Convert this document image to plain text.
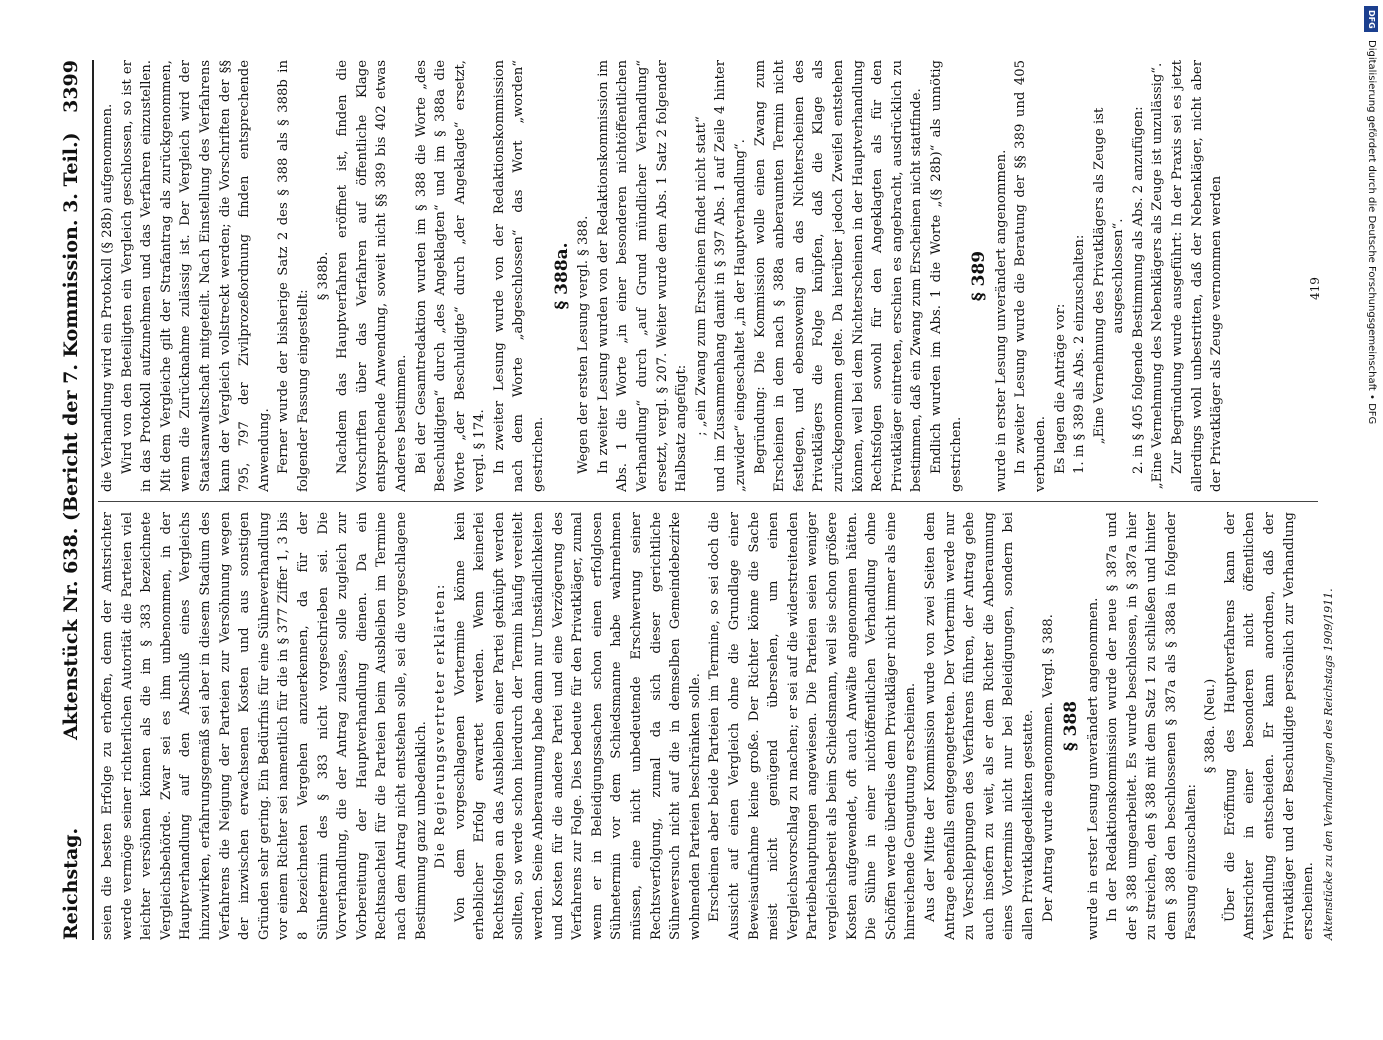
Reichstag.
Aktenstück Nr. 638. (Bericht der 7. Kommission. 3. Teil.)
3399

seien die besten Erfolge zu erhoffen, denn der Amtsrichter werde vermöge seiner richterlichen Autorität die Parteien viel leichter versöhnen können als die im § 383 bezeichnete Vergleichsbehörde. Zwar sei es ihm unbenommen, in der Hauptverhandlung auf den Abschluß eines Vergleichs hinzuwirken, erfahrungsgemäß sei aber in diesem Stadium des Verfahrens die Neigung der Parteien zur Versöhnung wegen der inzwischen erwachsenen Kosten und aus sonstigen Gründen sehr gering. Ein Bedürfnis für eine Sühneverhandlung vor einem Richter sei namentlich für die in § 377 Ziffer 1, 3 bis 8 bezeichneten Vergehen anzuerkennen, da für der Sühnetermin des § 383 nicht vorgeschrieben sei. Die Vorverhandlung, die der Antrag zulasse, solle zugleich zur Vorbereitung der Hauptverhandlung dienen. Da ein Rechtsnachteil für die Parteien beim Ausbleiben im Termine nach dem Antrag nicht entstehen solle, sei die vorgeschlagene Bestimmung ganz unbedenklich. Die Regierungsvertreter erklärten: Von dem vorgeschlagenen Vortermine könne kein erheblicher Erfolg erwartet werden. Wenn keinerlei Rechtsfolgen an das Ausbleiben einer Partei geknüpft werden sollten, so werde schon hierdurch der Termin häufig vereitelt werden. Seine Anberaumung habe dann nur Umständlichkeiten und Kosten für die andere Partei und eine Verzögerung des Verfahrens zur Folge. Dies bedeute für den Privatkläger, zumal wenn er in Beleidigungssachen schon einen erfolglosen Sühnetermin vor dem Schiedsmanne habe wahrnehmen müssen, eine nicht unbedeutende Erschwerung seiner Rechtsverfolgung, zumal da sich dieser gerichtliche Sühneversuch nicht auf die in demselben Gemeindebezirke wohnenden Parteien beschränken solle. Erscheinen aber beide Parteien im Termine, so sei doch die Aussicht auf einen Vergleich ohne die Grundlage einer Beweisaufnahme keine große. Der Richter könne die Sache meist nicht genügend übersehen, um einen Vergleichsvorschlag zu machen; er sei auf die widerstreitenden Parteibehauptungen angewiesen. Die Parteien seien weniger vergleichsbereit als beim Schiedsmann, weil sie schon größere Kosten aufgewendet, oft auch Anwälte angenommen hätten. Die Sühne in einer nichtöffentlichen Verhandlung ohne Schöffen werde überdies dem Privatkläger nicht immer als eine hinreichende Genugtuung erscheinen. Aus der Mitte der Kommission wurde von zwei Seiten dem Antrage ebenfalls entgegengetreten. Der Vortermin werde nur zu Verschleppungen des Verfahrens führen, der Antrag gehe auch insofern zu weit, als er dem Richter die Anberaumung eines Vortermins nicht nur bei Beleidigungen, sondern bei allen Privatklagedelikten gestatte. Der Antrag wurde angenommen. Vergl. § 388. § 388 wurde in erster Lesung unverändert angenommen. In der Redaktionskommission wurde der neue § 387a und der § 388 umgearbeitet. Es wurde beschlossen, in § 387a hier zu streichen, den § 388 mit dem Satz 1 zu schließen und hinter dem § 388 den beschlossenen § 387a als § 388a in folgender Fassung einzuschalten:

§ 388a. (Neu.) Über die Eröffnung des Hauptverfahrens kann der Amtsrichter in einer besonderen nicht öffentlichen Verhandlung entscheiden. Er kann anordnen, daß der Privatkläger und der Beschuldigte persönlich zur Verhandlung erscheinen.

die Verhandlung wird ein Protokoll (§ 28b) aufgenommen. Wird von den Beteiligten ein Vergleich geschlossen, so ist er in das Protokoll aufzunehmen und das Verfahren einzustellen. Mit dem Vergleiche gilt der Strafantrag als zurückgenommen, wenn die Zurücknahme zulässig ist. Der Vergleich wird der Staatsanwaltschaft mitgeteilt. Nach Einstellung des Verfahrens kann der Vergleich vollstreckt werden; die Vorschriften der §§ 795, 797 der Zivilprozeßordnung finden entsprechende Anwendung. Ferner wurde der bisherige Satz 2 des § 388 als § 388b in folgender Fassung eingestellt:

§ 388b. Nachdem das Hauptverfahren eröffnet ist, finden die Vorschriften über das Verfahren auf öffentliche Klage entsprechende Anwendung, soweit nicht §§ 389 bis 402 etwas Anderes bestimmen. Bei der Gesamtredaktion wurden im § 388 die Worte „des Beschuldigten“ durch „des Angeklagten“ und im § 388a die Worte „der Beschuldigte“ durch „der Angeklagte“ ersetzt, vergl. § 174. In zweiter Lesung wurde von der Redaktionskommission nach dem Worte „abgeschlossen“ das Wort „worden“ gestrichen.

§ 388a. Wegen der ersten Lesung vergl. § 388. In zweiter Lesung wurden von der Redaktionskommission im Abs. 1 die Worte „in einer besonderen nichtöffentlichen Verhandlung“ durch „auf Grund mündlicher Verhandlung“ ersetzt, vergl. § 207. Weiter wurde dem Abs. 1 Satz 2 folgender Halbsatz angefügt: ; „ein Zwang zum Erscheinen findet nicht statt“ und im Zusammenhang damit in § 397 Abs. 1 auf Zeile 4 hinter „zuwider“ eingeschaltet „in der Hauptverhandlung“. Begründung: Die Kommission wolle einen Zwang zum Erscheinen in dem nach § 388a anberaumten Termin nicht festlegen, und ebensowenig an das Nichterscheinen des Privatklägers die Folge knüpfen, daß die Klage als zurückgenommen gelte. Da hierüber jedoch Zweifel entstehen können, weil bei dem Nichterscheinen in der Hauptverhandlung Rechtsfolgen sowohl für den Angeklagten als für den Privatkläger eintreten, erschien es angebracht, ausdrücklich zu bestimmen, daß ein Zwang zum Erscheinen nicht stattfinde. Endlich wurden im Abs. 1 die Worte „(§ 28b)“ als unnötig gestrichen.

§ 389 wurde in erster Lesung unverändert angenommen. In zweiter Lesung wurde die Beratung der §§ 389 und 405 verbunden. Es lagen die Anträge vor: 1. in § 389 als Abs. 2 einzuschalten: „Eine Vernehmung des Privatklägers als Zeuge ist ausgeschlossen“. 2. in § 405 folgende Bestimmung als Abs. 2 anzufügen: „Eine Vernehmung des Nebenklägers als Zeuge ist unzulässig“. Zur Begründung wurde ausgeführt: In der Praxis sei es jetzt allerdings wohl unbestritten, daß der Nebenkläger, nicht aber der Privatkläger als Zeuge vernommen werden

Aktenstücke zu den Verhandlungen des Reichstags 1909/1911.
419	Digitalisierung gefördert durch die Deutsche Forschungsgemeinschaft • DFG
DFG
